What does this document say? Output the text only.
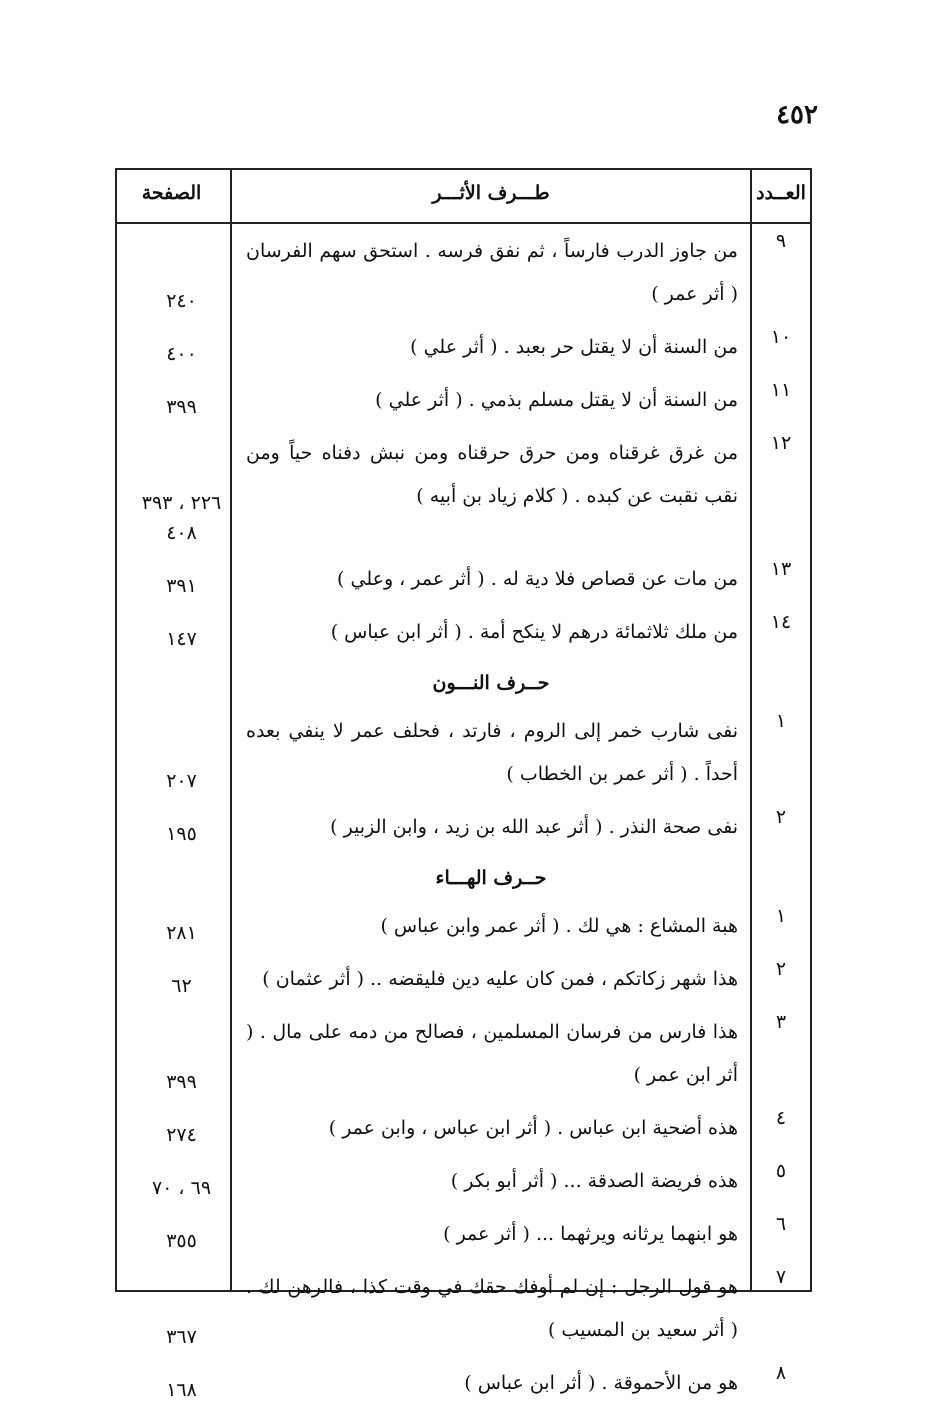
٤٥٢
العــدد
طـــرف الأثـــر
الصفحة
٩
من جاوز الدرب فارساً ، ثم نفق فرسه . استحق سهم الفرسان ( أثر عمر )
٢٤٠
١٠
من السنة أن لا يقتل حر بعبد . ( أثر علي )
٤٠٠
١١
من السنة أن لا يقتل مسلم بذمي . ( أثر علي )
٣٩٩
١٢
من غرق غرقناه ومن حرق حرقناه ومن نبش دفناه حياً ومن نقب نقبت عن كبده . ( كلام زياد بن أبيه )
٢٢٦ ، ٣٩٣
٤٠٨
١٣
من مات عن قصاص فلا دية له . ( أثر عمر ، وعلي )
٣٩١
١٤
من ملك ثلاثمائة درهم لا ينكح أمة . ( أثر ابن عباس )
١٤٧
حــرف النـــون
١
نفى شارب خمر إلى الروم ، فارتد ، فحلف عمر لا ينفي بعده أحداً . ( أثر عمر بن الخطاب )
٢٠٧
٢
نفى صحة النذر . ( أثر عبد الله بن زيد ، وابن الزبير )
١٩٥
حــرف الهـــاء
١
هبة المشاع : هي لك . ( أثر عمر وابن عباس )
٢٨١
٢
هذا شهر زكاتكم ، فمن كان عليه دين فليقضه .. ( أثر عثمان )
٦٢
٣
هذا فارس من فرسان المسلمين ، فصالح من دمه على مال . ( أثر ابن عمر )
٣٩٩
٤
هذه أضحية ابن عباس . ( أثر ابن عباس ، وابن عمر )
٢٧٤
٥
هذه فريضة الصدقة ... ( أثر أبو بكر )
٦٩ ، ٧٠
٦
هو ابنهما يرثانه ويرثهما ... ( أثر عمر )
٣٥٥
٧
هو قول الرجل : إن لم أوفك حقك في وقت كذا ، فالرهن لك . ( أثر سعيد بن المسيب )
٣٦٧
٨
هو من الأحموقة . ( أثر ابن عباس )
١٦٨
